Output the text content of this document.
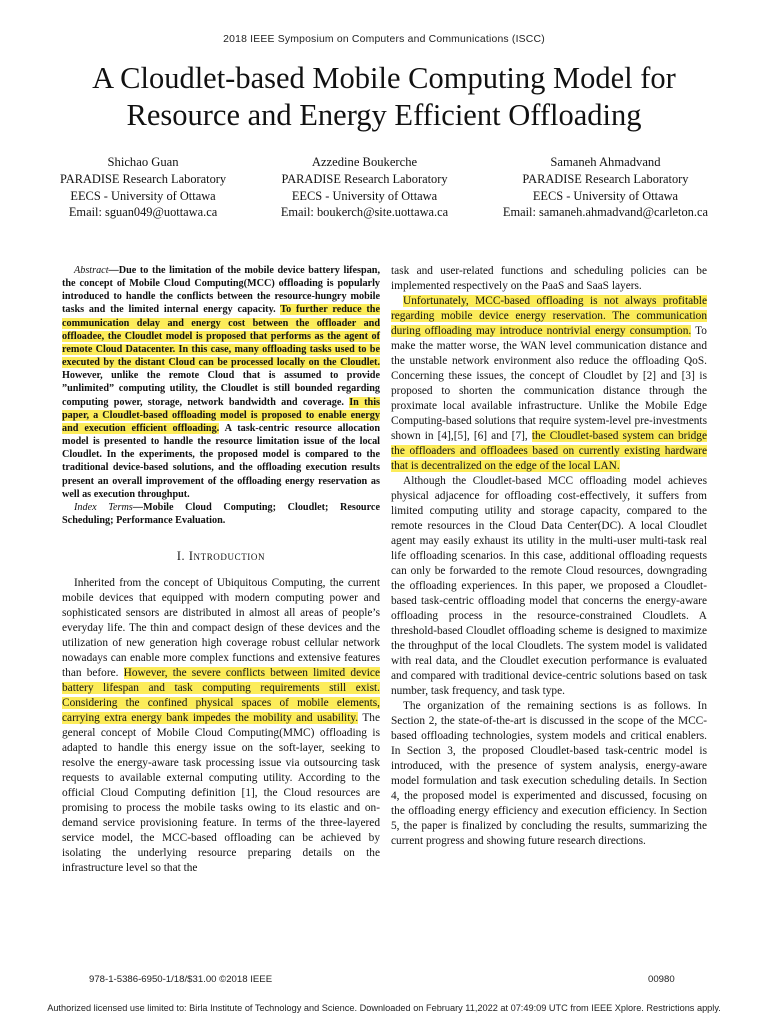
2018 IEEE Symposium on Computers and Communications (ISCC)
A Cloudlet-based Mobile Computing Model for
Resource and Energy Efficient Offloading
Shichao Guan
PARADISE Research Laboratory
EECS - University of Ottawa
Email: sguan049@uottawa.ca
Azzedine Boukerche
PARADISE Research Laboratory
EECS - University of Ottawa
Email: boukerch@site.uottawa.ca
Samaneh Ahmadvand
PARADISE Research Laboratory
EECS - University of Ottawa
Email: samaneh.ahmadvand@carleton.ca

Abstract—Due to the limitation of the mobile device battery lifespan, the concept of Mobile Cloud Computing(MCC) offloading is popularly introduced to handle the conflicts between the resource-hungry mobile tasks and the limited internal energy capacity. To further reduce the communication delay and energy cost between the offloader and offloadee, the Cloudlet model is proposed that performs as the agent of remote Cloud Datacenter. In this case, many offloading tasks used to be executed by the distant Cloud can be processed locally on the Cloudlet. However, unlike the remote Cloud that is assumed to provide ”unlimited” computing utility, the Cloudlet is still bounded regarding computing power, storage, network bandwidth and coverage. In this paper, a Cloudlet-based offloading model is proposed to enable energy and execution efficient offloading. A task-centric resource allocation model is presented to handle the resource limitation issue of the local Cloudlet. In the experiments, the proposed model is compared to the traditional device-based solutions, and the offloading execution results present an overall improvement of the offloading energy reservation as well as execution throughput.

Index Terms—Mobile Cloud Computing; Cloudlet; Resource Scheduling; Performance Evaluation.

I. Introduction

Inherited from the concept of Ubiquitous Computing, the current mobile devices that equipped with modern computing power and sophisticated sensors are distributed in almost all areas of people’s everyday life. The thin and compact design of these devices and the utilization of new generation high coverage robust cellular network nowadays can enable more complex functions and extensive features than before. However, the severe conflicts between limited device battery lifespan and task computing requirements still exist. Considering the confined physical spaces of mobile elements, carrying extra energy bank impedes the mobility and usability. The general concept of Mobile Cloud Computing(MMC) offloading is adapted to handle this energy issue on the soft-layer, seeking to resolve the energy-aware task processing issue via outsourcing task requests to available external computing utility. According to the official Cloud Computing definition [1], the Cloud resources are promising to process the mobile tasks owing to its elastic and on-demand service provisioning feature. In terms of the three-layered service model, the MCC-based offloading can be achieved by isolating the underlying resource preparing details on the infrastructure level so that the

task and user-related functions and scheduling policies can be implemented respectively on the PaaS and SaaS layers.

Unfortunately, MCC-based offloading is not always profitable regarding mobile device energy reservation. The communication during offloading may introduce nontrivial energy consumption. To make the matter worse, the WAN level communication distance and the unstable network environment also reduce the offloading QoS. Concerning these issues, the concept of Cloudlet by [2] and [3] is proposed to shorten the communication distance through the proximate local available infrastructure. Unlike the Mobile Edge Computing-based solutions that require system-level pre-investments shown in [4],[5], [6] and [7], the Cloudlet-based system can bridge the offloaders and offloadees based on currently existing hardware that is decentralized on the edge of the local LAN.

Although the Cloudlet-based MCC offloading model achieves physical adjacence for offloading cost-effectively, it suffers from limited computing utility and storage capacity, compared to the remote resources in the Cloud Data Center(DC). A local Cloudlet agent may easily exhaust its utility in the multi-user multi-task real life offloading scenarios. In this case, additional offloading requests can only be forwarded to the remote Cloud resources, downgrading the offloading experiences. In this paper, we proposed a Cloudlet-based task-centric offloading model that concerns the energy-aware offloading process in the resource-constrained Cloudlets. A threshold-based Cloudlet offloading scheme is designed to maximize the throughput of the local Cloudlets. The system model is validated with real data, and the Cloudlet execution performance is evaluated and compared with traditional device-centric solutions based on task number, task frequency, and task type.

The organization of the remaining sections is as follows. In Section 2, the state-of-the-art is discussed in the scope of the MCC-based offloading technologies, system models and critical enablers. In Section 3, the proposed Cloudlet-based task-centric model is introduced, with the presence of system analysis, energy-aware model formulation and task execution scheduling details. In Section 4, the proposed model is experimented and discussed, focusing on the offloading energy efficiency and execution efficiency. In Section 5, the paper is finalized by concluding the results, summarizing the current progress and showing future research directions.

978-1-5386-6950-1/18/$31.00 ©2018 IEEE	00980
Authorized licensed use limited to: Birla Institute of Technology and Science. Downloaded on February 11,2022 at 07:49:09 UTC from IEEE Xplore. Restrictions apply.
